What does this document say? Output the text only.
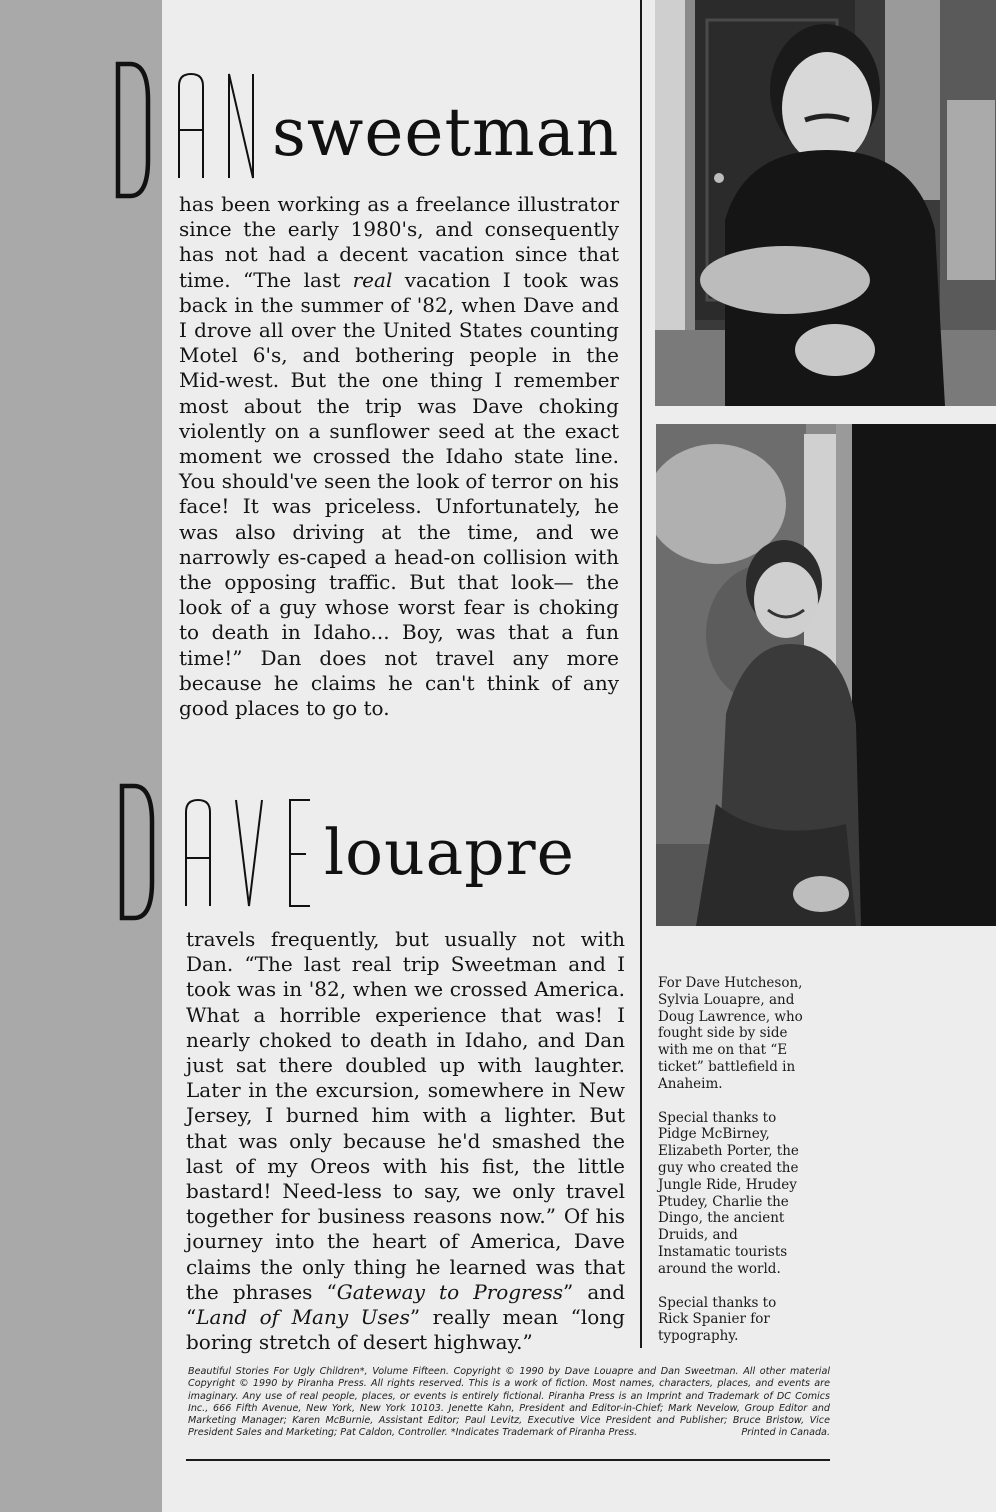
sweetman

has been working as a freelance illustrator since the early 1980's, and consequently has not had a decent vacation since that time. “The last real vacation I took was back in the summer of '82, when Dave and I drove all over the United States counting Motel 6's, and bothering people in the Mid-west. But the one thing I remember most about the trip was Dave choking violently on a sunflower seed at the exact moment we crossed the Idaho state line. You should've seen the look of terror on his face! It was priceless. Unfortunately, he was also driving at the time, and we narrowly es-caped a head-on collision with the opposing traffic. But that look— the look of a guy whose worst fear is choking to death in Idaho... Boy, was that a fun time!” Dan does not travel any more because he claims he can't think of any good places to go to.

louapre

travels frequently, but usually not with Dan. “The last real trip Sweetman and I took was in '82, when we crossed America. What a horrible experience that was! I nearly choked to death in Idaho, and Dan just sat there doubled up with laughter. Later in the excursion, somewhere in New Jersey, I burned him with a lighter. But that was only because he'd smashed the last of my Oreos with his fist, the little bastard! Need-less to say, we only travel together for business reasons now.” Of his journey into the heart of America, Dave claims the only thing he learned was that the phrases “Gateway to Progress” and “Land of Many Uses” really mean “long boring stretch of desert highway.”

For Dave Hutcheson, Sylvia Louapre, and Doug Lawrence, who fought side by side with me on that “E ticket” battlefield in Anaheim.

Special thanks to Pidge McBirney, Elizabeth Porter, the guy who created the Jungle Ride, Hrudey Ptudey, Charlie the Dingo, the ancient Druids, and Instamatic tourists around the world.

Special thanks to Rick Spanier for typography.

Beautiful Stories For Ugly Children*, Volume Fifteen. Copyright © 1990 by Dave Louapre and Dan Sweetman. All other material Copyright © 1990 by Piranha Press. All rights reserved. This is a work of fiction. Most names, characters, places, and events are imaginary. Any use of real people, places, or events is entirely fictional. Piranha Press is an Imprint and Trademark of DC Comics Inc., 666 Fifth Avenue, New York, New York 10103. Jenette Kahn, President and Editor-in-Chief; Mark Nevelow, Group Editor and Marketing Manager; Karen McBurnie, Assistant Editor; Paul Levitz, Executive Vice President and Publisher; Bruce Bristow, Vice President Sales and Marketing; Pat Caldon, Controller. *Indicates Trademark of Piranha Press.	Printed in Canada.
